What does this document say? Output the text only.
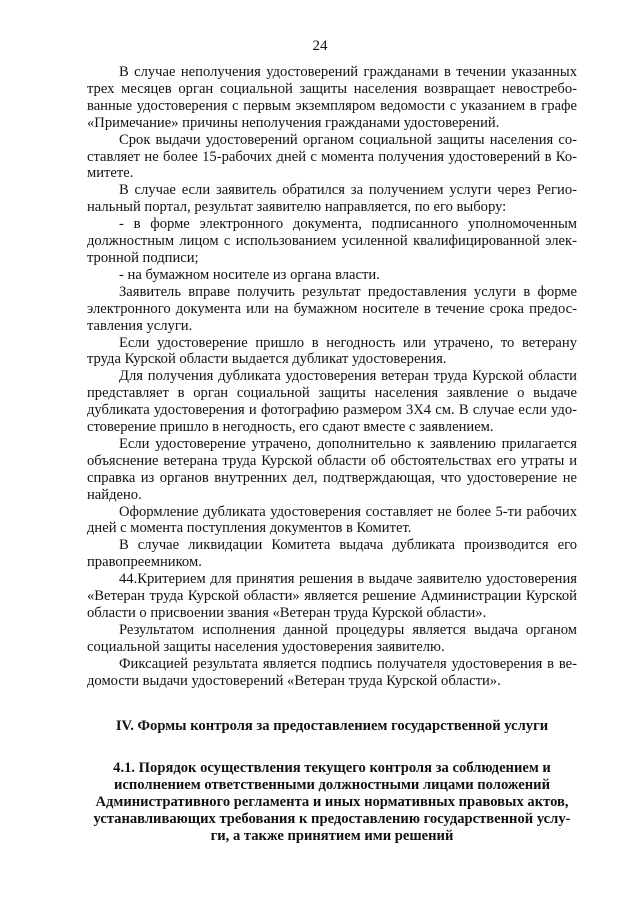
24

В случае неполучения удостоверений гражданами в течении указанных трех месяцев орган социальной защиты населения возвращает невостребованные удостоверения с первым экземпляром ведомости с указанием в графе «Примечание» причины неполучения гражданами удостоверений.

Срок выдачи удостоверений органом социальной защиты населения составляет не более 15-рабочих дней с момента получения удостоверений в Комитете.

В случае если заявитель обратился за получением услуги через Региональный портал, результат заявителю направляется, по его выбору:

- в форме электронного документа, подписанного уполномоченным должностным лицом с использованием усиленной квалифицированной электронной подписи;

- на бумажном носителе из органа власти.

Заявитель вправе получить результат предоставления услуги в форме электронного документа или на бумажном носителе в течение срока предоставления услуги.

Если удостоверение пришло в негодность или утрачено, то ветерану труда Курской области выдается дубликат удостоверения.

Для получения дубликата удостоверения ветеран труда Курской области представляет в орган социальной защиты населения заявление о выдаче дубликата удостоверения и фотографию размером 3Х4 см. В случае если удостоверение пришло в негодность, его сдают вместе с заявлением.

Если удостоверение утрачено, дополнительно к заявлению прилагается объяснение ветерана труда Курской области об обстоятельствах его утраты и справка из органов внутренних дел, подтверждающая, что удостоверение не найдено.

Оформление дубликата удостоверения составляет не более 5-ти рабочих дней с момента поступления документов в Комитет.

В случае ликвидации Комитета выдача дубликата производится его правопреемником.

44.Критерием для принятия решения в выдаче заявителю удостоверения «Ветеран труда Курской области» является решение Администрации Курской области о присвоении звания «Ветеран труда Курской области».

Результатом исполнения данной процедуры является выдача органом социальной защиты населения удостоверения заявителю.

Фиксацией результата является подпись получателя удостоверения в ведомости выдачи удостоверений «Ветеран труда Курской области».

IV. Формы контроля за предоставлением государственной услуги
4.1. Порядок осуществления текущего контроля за соблюдением и исполнением ответственными должностными лицами положений Административного регламента и иных нормативных правовых актов, устанавливающих требования к предоставлению государственной услуги, а также принятием ими решений
